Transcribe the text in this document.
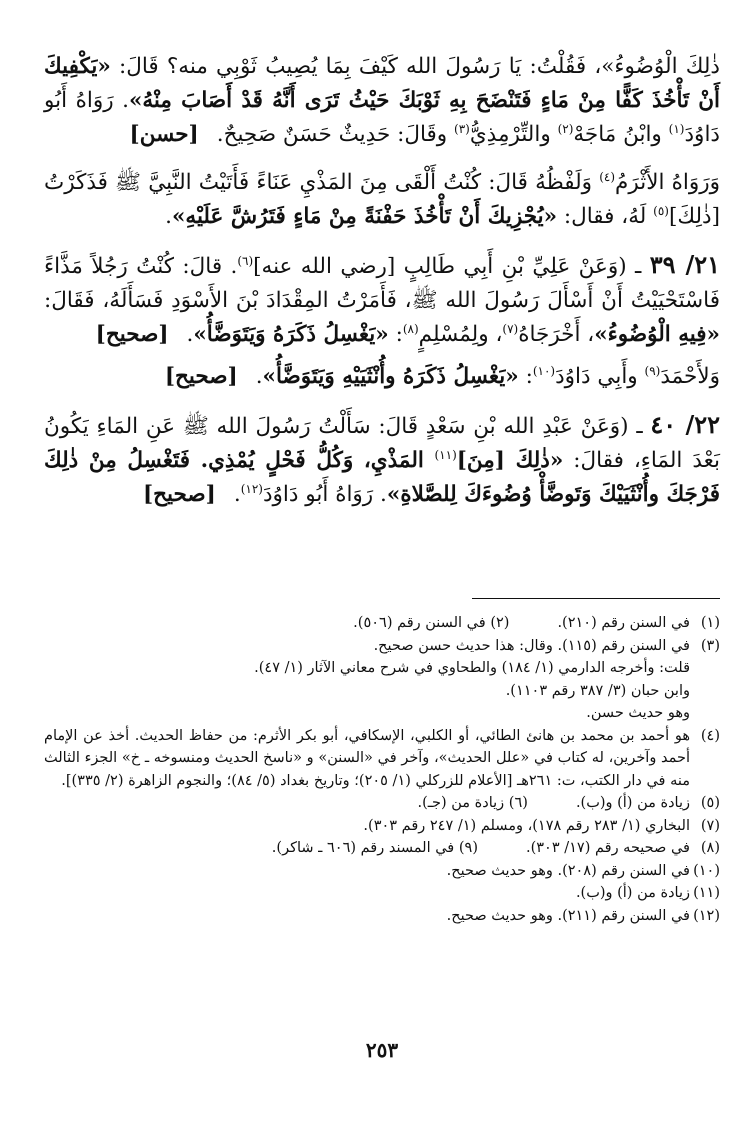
ذٰلِكَ الْوُضُوءُ»، فَقُلْتُ: يَا رَسُولَ الله كَيْفَ بِمَا يُصِيبُ ثَوْبِي منه؟ قَالَ: «يَكْفِيكَ أَنْ تَأْخُذَ كَفًّا مِنْ مَاءٍ فَتَنْضَحَ بِهِ ثَوْبَكَ حَيْثُ تَرَى أَنَّهُ قَدْ أَصَابَ مِنْهُ». رَوَاهُ أَبُو دَاوُدَ$^{(١)}$ وابْنُ مَاجَهْ$^{(٢)}$ والتِّرْمِذِيُّ$^{(٣)}$ وقَالَ: حَدِيثٌ حَسَنٌ صَحِيحٌ.[حسن]

وَرَوَاهُ الأَثْرَمُ$^{(٤)}$ وَلَفْظُهُ قَالَ: كُنْتُ أَلْقَى مِنَ المَذْيِ عَنَاءً فَأَتَيْتُ النَّبِيَّ ﷺ فَذَكَرْتُ [ذٰلِكَ]$^{(٥)}$ لَهُ، فقال: «يُجْزِيكَ أَنْ تَأْخُذَ حَفْنَةً مِنْ مَاءٍ فَتَرُشَّ عَلَيْهِ».

٢١/ ٣٩ ـ (وَعَنْ عَلِيِّ بْنِ أَبِي طَالِبٍ [رضي الله عنه]$^{(٦)}$. قالَ: كُنْتُ رَجُلاً مَذَّاءً فَاسْتَحْيَيْتُ أَنْ أَسْأَلَ رَسُولَ الله ﷺ، فَأَمَرْتُ المِقْدَادَ بْنَ الأَسْوَدِ فَسَأَلَهُ، فَقَالَ: «فِيهِ الْوُضُوءُ»، أَخْرَجَاهُ$^{(٧)}$، ولِمُسْلِمٍ$^{(٨)}$: «يَغْسِلُ ذَكَرَهُ وَيَتَوَضَّأُ».[صحيح]

وَلأَحْمَدَ$^{(٩)}$ وأَبِي دَاوُدَ$^{(١٠)}$: «يَغْسِلُ ذَكَرَهُ وأُنْثَيَيْهِ وَيَتَوَضَّأُ».[صحيح]

٢٢/ ٤٠ ـ (وَعَنْ عَبْدِ الله بْنِ سَعْدٍ قَالَ: سَأَلْتُ رَسُولَ الله ﷺ عَنِ المَاءِ يَكُونُ بَعْدَ المَاءِ، فقالَ: «ذٰلِكَ [مِنَ]$^{(١١)}$ المَذْيِ، وَكُلُّ فَحْلٍ يُمْذِي. فَتَغْسِلُ مِنْ ذٰلِكَ فَرْجَكَ وأُنْثَيَيْكَ وَتَوضَّأْ وُضُوءَكَ لِلصَّلاةِ». رَوَاهُ أَبُو دَاوُدَ$^{(١٢)}$.[صحيح]

(١)
في السنن رقم (٢١٠).(٢) في السنن رقم (٥٠٦).
(٣)
في السنن رقم (١١٥). وقال: هذا حديث حسن صحيح.
قلت: وأخرجه الدارمي (١/ ١٨٤) والطحاوي في شرح معاني الآثار (١/ ٤٧).
وابن حبان (٣/ ٣٨٧ رقم ١١٠٣).
وهو حديث حسن.
(٤)
هو أحمد بن محمد بن هانئ الطائي، أو الكلبي، الإسكافي، أبو بكر الأثرم: من حفاظ الحديث. أخذ عن الإمام أحمد وآخرين، له كتاب في «علل الحديث»، وآخر في «السنن» و «ناسخ الحديث ومنسوخه ـ خ» الجزء الثالث منه في دار الكتب، ت: ٢٦١هـ [الأعلام للزركلي (١/ ٢٠٥)؛ وتاريخ بغداد (٥/ ٨٤)؛ والنجوم الزاهرة (٢/ ٣٣٥)].
(٥)
زيادة من (أ) و(ب).(٦) زيادة من (جـ).
(٧)
البخاري (١/ ٢٨٣ رقم ١٧٨)، ومسلم (١/ ٢٤٧ رقم ٣٠٣).
(٨)
في صحيحه رقم (١٧/ ٣٠٣).(٩) في المسند رقم (٦٠٦ ـ شاكر).
(١٠)
في السنن رقم (٢٠٨). وهو حديث صحيح.
(١١)
زيادة من (أ) و(ب).
(١٢)
في السنن رقم (٢١١). وهو حديث صحيح.
٢٥٣
